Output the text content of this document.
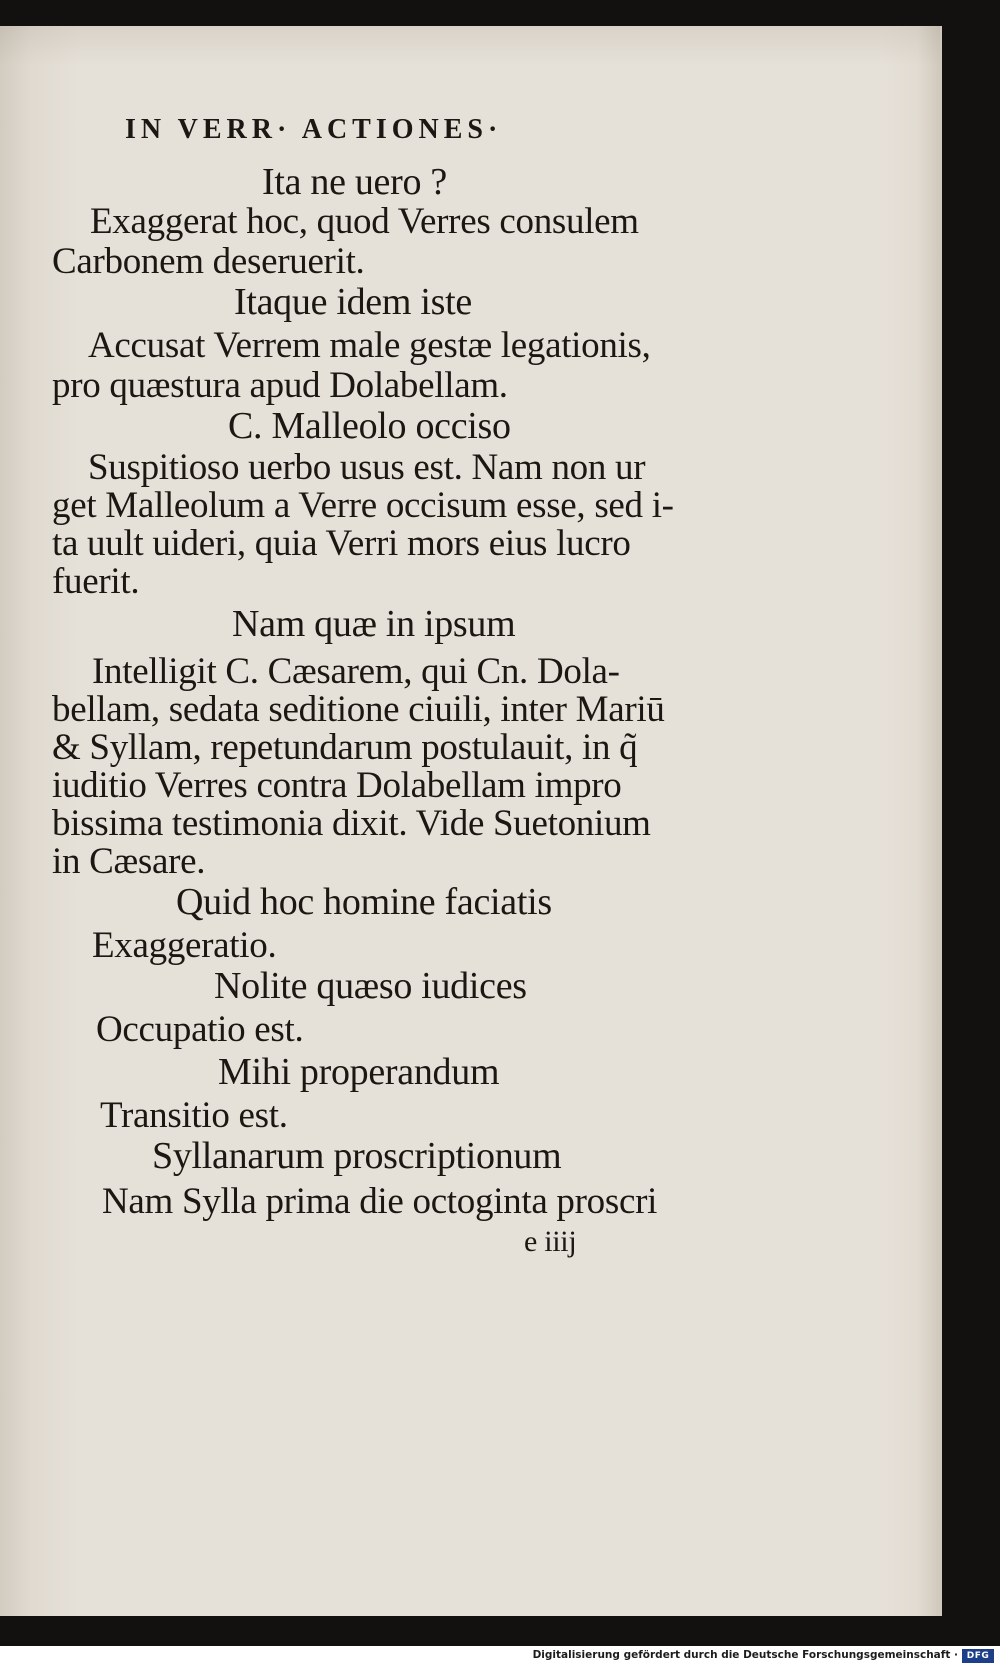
IN VERR· ACTIONES·
Ita ne uero ?
Exaggerat hoc, quod Verres consulem
Carbonem deseruerit.
Itaque idem iste
Accusat Verrem male gestæ legationis,
pro quæstura apud Dolabellam.
C. Malleolo occiso
Suspitioso uerbo usus est. Nam non ur
get Malleolum a Verre occisum esse, sed i-
ta uult uideri, quia Verri mors eius lucro
fuerit.
Nam quæ in ipsum
Intelligit C. Cæsarem, qui Cn. Dola-
bellam, sedata seditione ciuili, inter Mariū
& Syllam, repetundarum postulauit, in q̃
iuditio Verres contra Dolabellam impro
bissima testimonia dixit. Vide Suetonium
in Cæsare.
Quid hoc homine faciatis
Exaggeratio.
Nolite quæso iudices
Occupatio est.
Mihi properandum
Transitio est.
Syllanarum proscriptionum
Nam Sylla prima die octoginta proscri
e iiij
Digitalisierung gefördert durch die Deutsche Forschungsgemeinschaft · DFG
